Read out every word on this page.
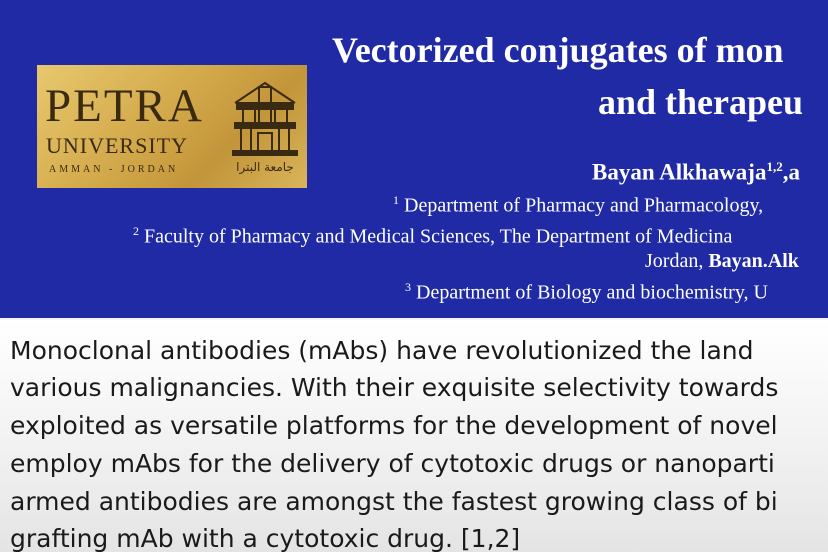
PETRA
UNIVERSITY
AMMAN - JORDAN	جامعة البترا

Vectorized conjugates of mon

and therapeu

Bayan Alkhawaja$^{1,2}$,a

$^1$ Department of Pharmacy and Pharmacology,

$^2$ Faculty of Pharmacy and Medical Sciences, The Department of Medicina

Jordan, Bayan.Alk

$^3$ Department of Biology and biochemistry, U

Monoclonal antibodies (mAbs) have revolutionized the land

various malignancies. With their exquisite selectivity towards

exploited as versatile platforms for the development of novel

employ mAbs for the delivery of cytotoxic drugs or nanoparti

armed antibodies are amongst the fastest growing class of bi

grafting mAb with a cytotoxic drug. [1,2]
